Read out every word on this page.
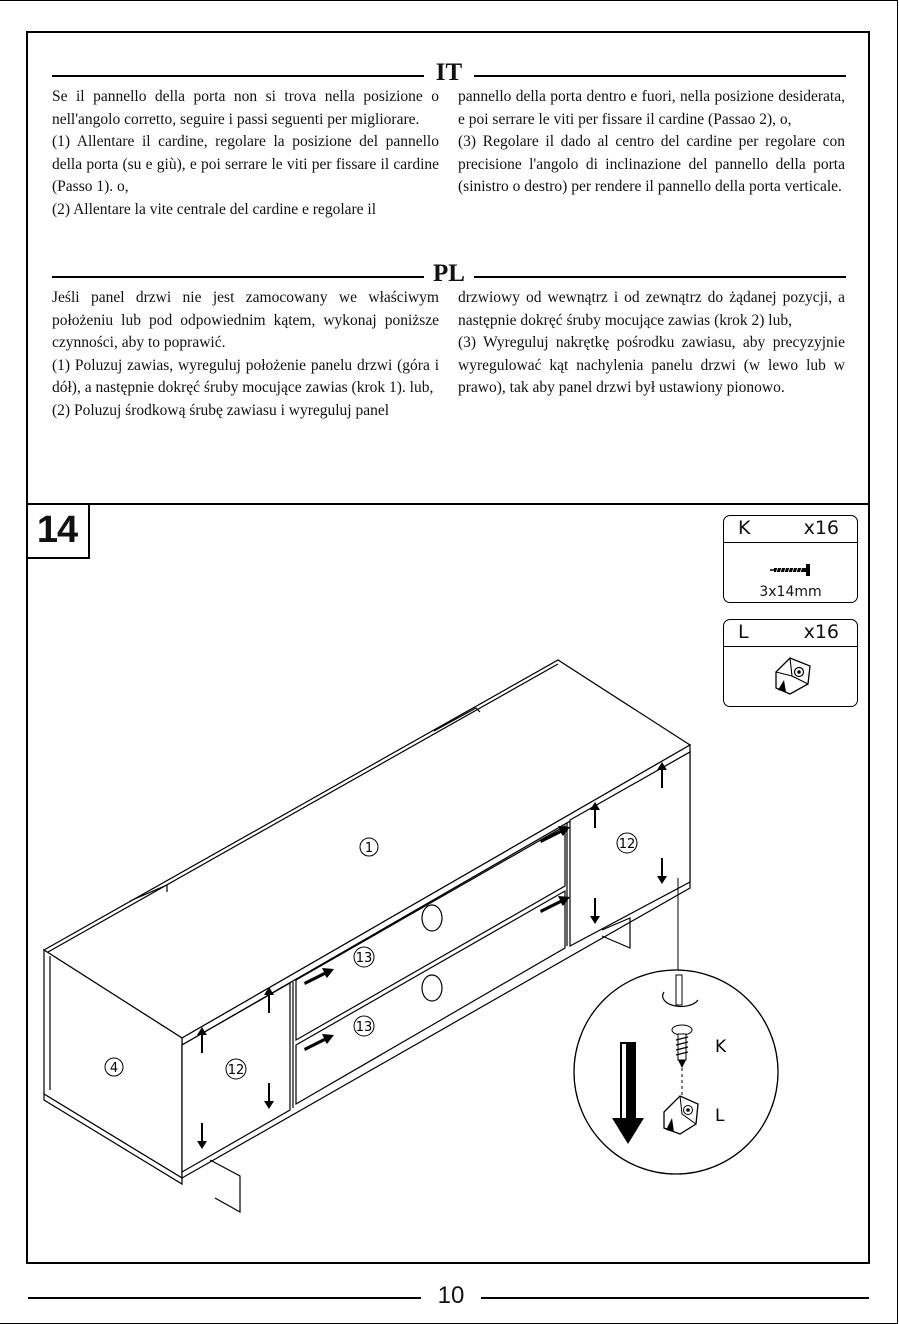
IT

Se il pannello della porta non si trova nella posizione o nell'angolo corretto, seguire i passi seguenti per migliorare.

(1) Allentare il cardine, regolare la posizione del pannello della porta (su e giù), e poi serrare le viti per fissare il cardine (Passo 1). o,

(2) Allentare la vite centrale del cardine e regolare il

pannello della porta dentro e fuori, nella posizione desiderata, e poi serrare le viti per fissare il cardine (Passao 2), o,

(3) Regolare il dado al centro del cardine per regolare con precisione l'angolo di inclinazione del pannello della porta (sinistro o destro) per rendere il pannello della porta verticale.

PL

Jeśli panel drzwi nie jest zamocowany we właściwym położeniu lub pod odpowiednim kątem, wykonaj poniższe czynności, aby to poprawić.

(1) Poluzuj zawias, wyreguluj położenie panelu drzwi (góra i dół), a następnie dokręć śruby mocujące zawias (krok 1). lub,

(2) Poluzuj środkową śrubę zawiasu i wyreguluj panel

drzwiowy od wewnątrz i od zewnątrz do żądanej pozycji, a następnie dokręć śruby mocujące zawias (krok 2) lub,

(3) Wyreguluj nakrętkę pośrodku zawiasu, aby precyzyjnie wyregulować kąt nachylenia panelu drzwi (w lewo lub w prawo), tak aby panel drzwi był ustawiony pionowo.

14	K	x16
3x14mm
L	x16
1
4	12
12
13
13
K
L
10
